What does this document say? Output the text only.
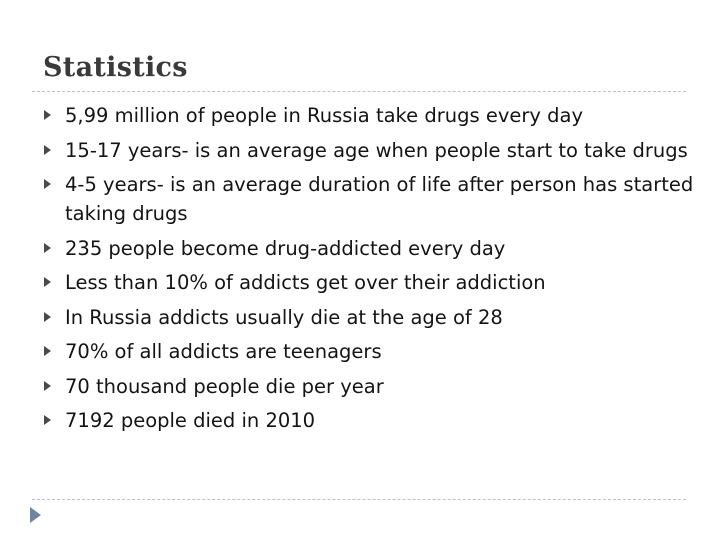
Statistics
5,99 million of people in Russia take drugs every day
15-17 years- is an average age when people start to take drugs
4-5 years- is an average duration of life after person has started taking drugs
235 people become drug-addicted every day
Less than 10% of addicts get over their addiction
In Russia addicts usually die at the age of 28
70% of all addicts are teenagers
70 thousand people die per year
7192 people died in 2010
